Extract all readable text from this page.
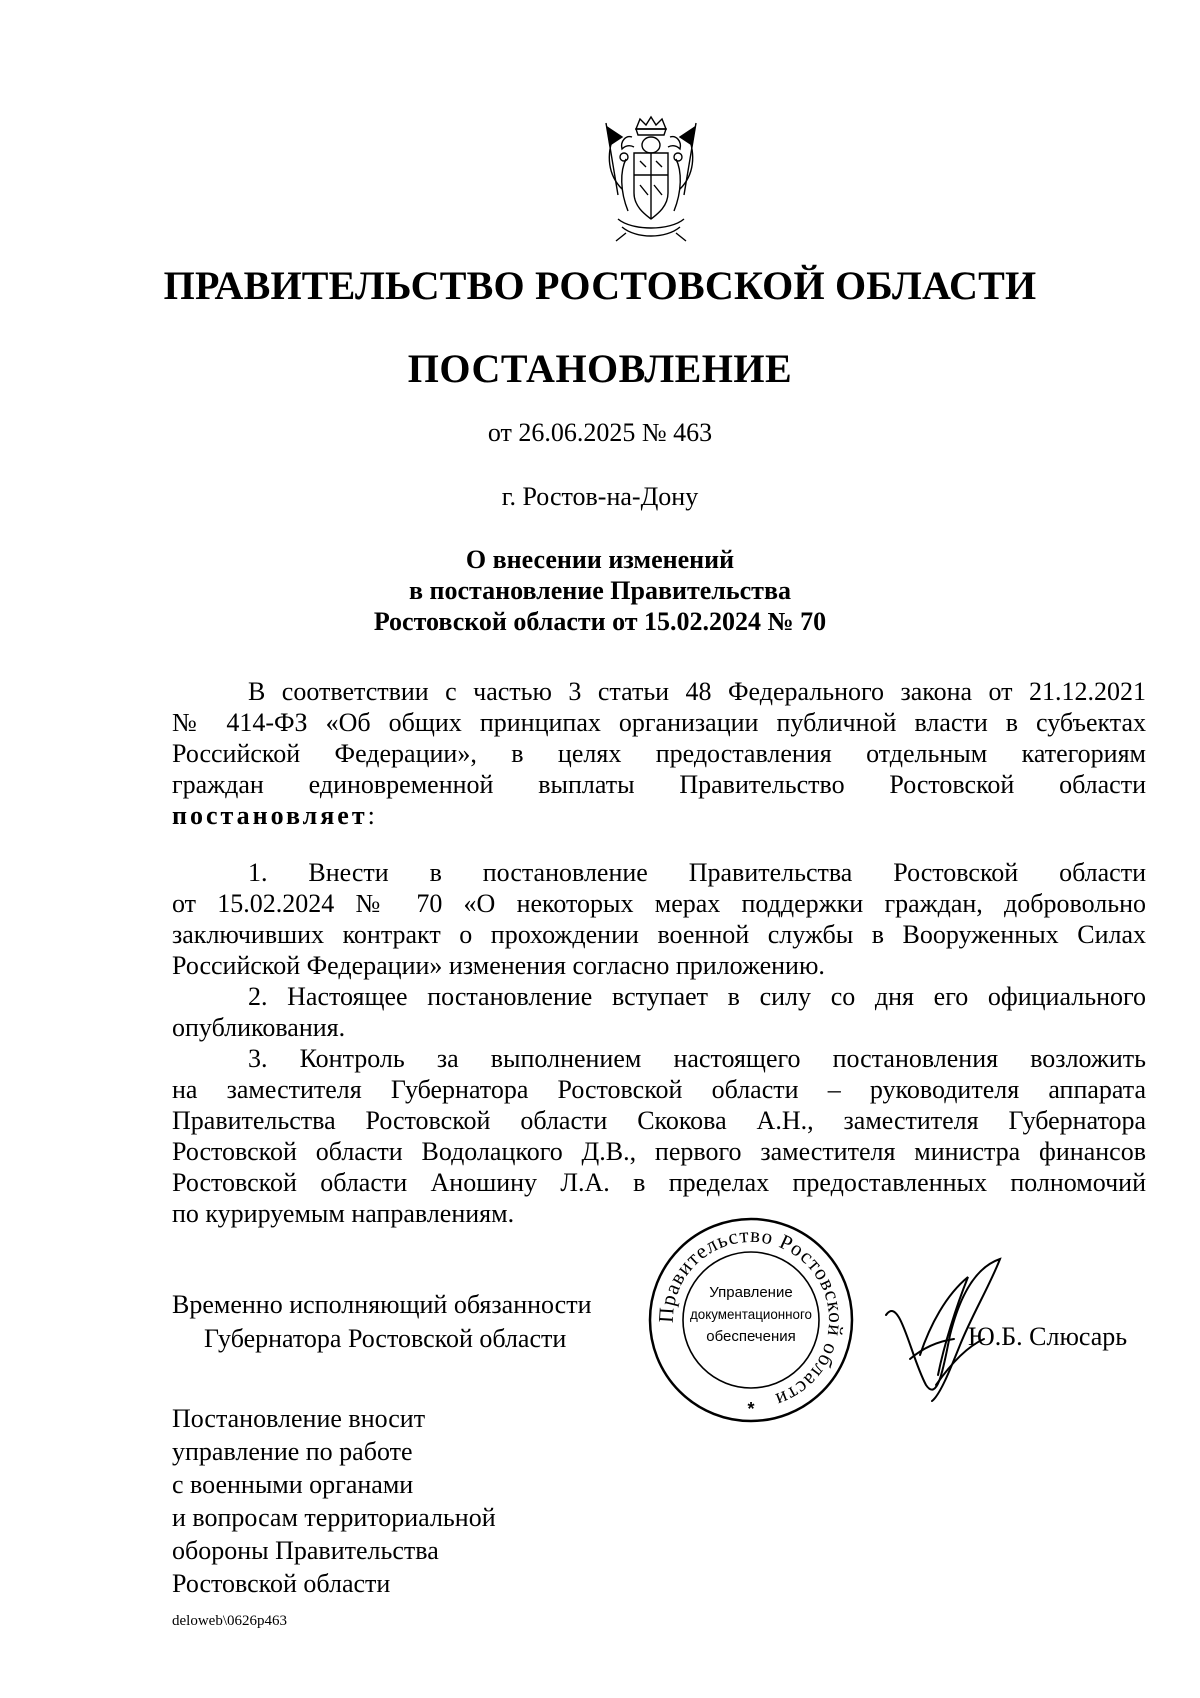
ПРАВИТЕЛЬСТВО РОСТОВСКОЙ ОБЛАСТИ
ПОСТАНОВЛЕНИЕ
от 26.06.2025 № 463
г. Ростов-на-Дону
О внесении изменений
в постановление Правительства
Ростовской области от 15.02.2024 № 70
В соответствии с частью 3 статьи 48 Федерального закона от 21.12.2021
№ 414-ФЗ «Об общих принципах организации публичной власти в субъектах
Российской Федерации», в целях предоставления отдельным категориям
граждан единовременной выплаты Правительство Ростовской области
постановляет:
1. Внести в постановление Правительства Ростовской области
от 15.02.2024 № 70 «О некоторых мерах поддержки граждан, добровольно
заключивших контракт о прохождении военной службы в Вооруженных Силах
Российской Федерации» изменения согласно приложению.
2. Настоящее постановление вступает в силу со дня его официального
опубликования.
3. Контроль за выполнением настоящего постановления возложить
на заместителя Губернатора Ростовской области – руководителя аппарата
Правительства Ростовской области Скокова А.Н., заместителя Губернатора
Ростовской области Водолацкого Д.В., первого заместителя министра финансов
Ростовской области Аношину Л.А. в пределах предоставленных полномочий
по курируемым направлениям.
Временно исполняющий обязанности
Губернатора Ростовской области
Правительство Ростовской области
Управление
документационного
обеспечения
*
Ю.Б. Слюсарь
Постановление вносит
управление по работе
с военными органами
и вопросам территориальной
обороны Правительства
Ростовской области
deloweb\0626p463
